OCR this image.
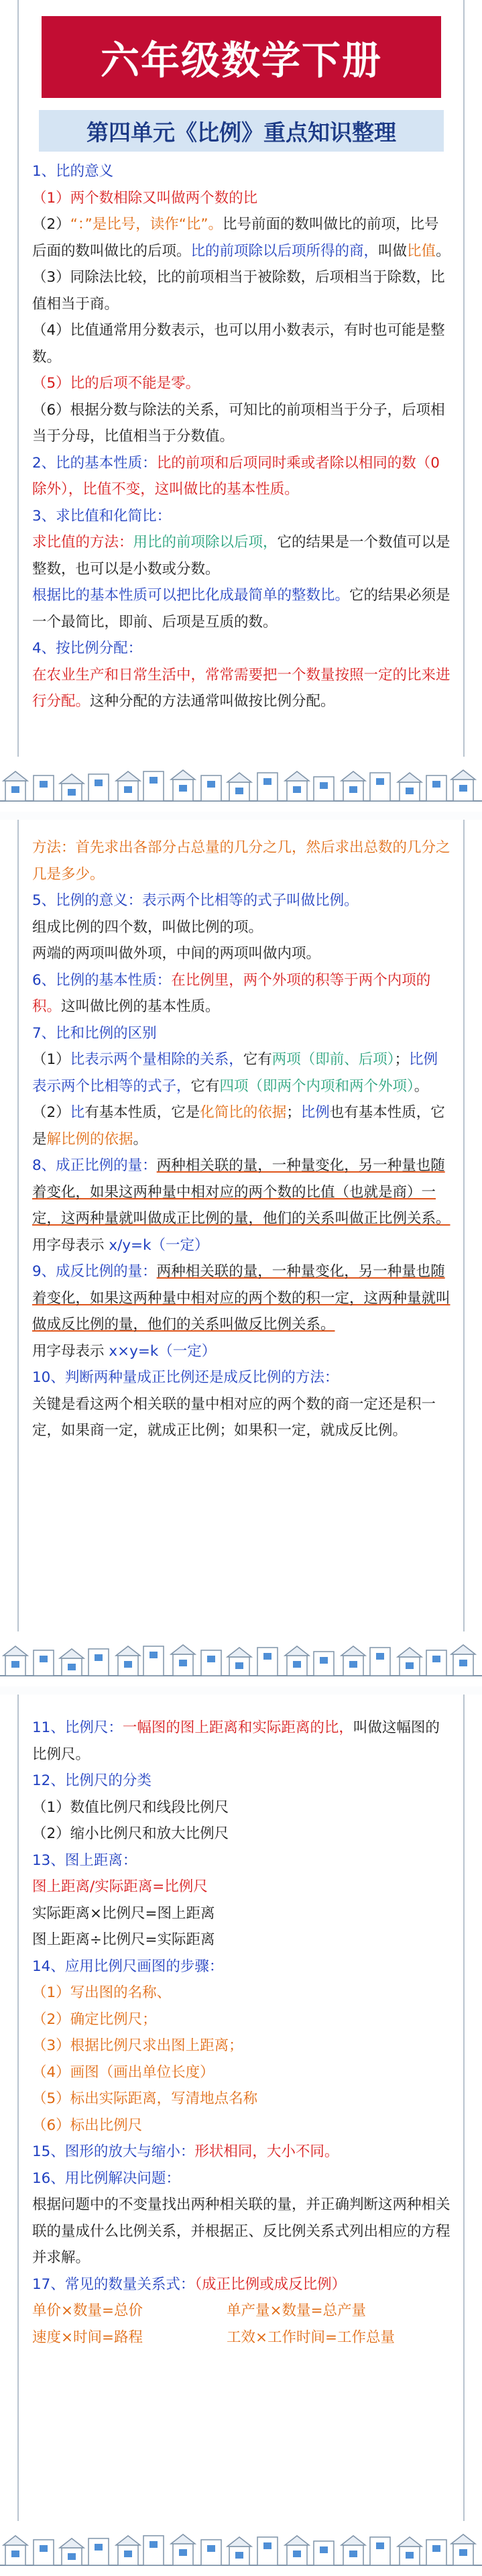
六年级数学下册
第四单元《比例》重点知识整理

1、比的意义

（1）两个数相除又叫做两个数的比

（2）“：”是比号，读作“比”。比号前面的数叫做比的前项，比号后面的数叫做比的后项。比的前项除以后项所得的商，叫做比值。

（3）同除法比较，比的前项相当于被除数，后项相当于除数，比值相当于商。

（4）比值通常用分数表示，也可以用小数表示，有时也可能是整数。

（5）比的后项不能是零。

（6）根据分数与除法的关系，可知比的前项相当于分子，后项相当于分母，比值相当于分数值。

2、比的基本性质：比的前项和后项同时乘或者除以相同的数（0除外），比值不变，这叫做比的基本性质。

3、求比值和化简比：

求比值的方法：用比的前项除以后项，它的结果是一个数值可以是整数，也可以是小数或分数。

根据比的基本性质可以把比化成最简单的整数比。它的结果必须是一个最简比，即前、后项是互质的数。

4、按比例分配：

在农业生产和日常生活中，常常需要把一个数量按照一定的比来进行分配。这种分配的方法通常叫做按比例分配。

方法：首先求出各部分占总量的几分之几，然后求出总数的几分之几是多少。

5、比例的意义：表示两个比相等的式子叫做比例。

组成比例的四个数，叫做比例的项。

两端的两项叫做外项，中间的两项叫做内项。

6、比例的基本性质：在比例里，两个外项的积等于两个内项的积。这叫做比例的基本性质。

7、比和比例的区别

（1）比表示两个量相除的关系，它有两项（即前、后项）；比例表示两个比相等的式子，它有四项（即两个内项和两个外项）。

（2）比有基本性质，它是化简比的依据；比例也有基本性质，它是解比例的依据。

8、成正比例的量：两种相关联的量，一种量变化，另一种量也随着变化，如果这两种量中相对应的两个数的比值（也就是商）一定，这两种量就叫做成正比例的量，他们的关系叫做正比例关系。

用字母表示 x/y=k（一定）

9、成反比例的量：两种相关联的量，一种量变化，另一种量也随着变化，如果这两种量中相对应的两个数的积一定，这两种量就叫做成反比例的量，他们的关系叫做反比例关系。

用字母表示 x×y=k（一定）

10、判断两种量成正比例还是成反比例的方法：

关键是看这两个相关联的量中相对应的两个数的商一定还是积一定，如果商一定，就成正比例；如果积一定，就成反比例。

11、比例尺：一幅图的图上距离和实际距离的比，叫做这幅图的比例尺。

12、比例尺的分类

（1）数值比例尺和线段比例尺

（2）缩小比例尺和放大比例尺

13、图上距离：

图上距离/实际距离=比例尺

实际距离×比例尺=图上距离

图上距离÷比例尺=实际距离

14、应用比例尺画图的步骤：

（1）写出图的名称、

（2）确定比例尺；

（3）根据比例尺求出图上距离；

（4）画图（画出单位长度）

（5）标出实际距离，写清地点名称

（6）标出比例尺

15、图形的放大与缩小：形状相同，大小不同。

16、用比例解决问题：

根据问题中的不变量找出两种相关联的量，并正确判断这两种相关联的量成什么比例关系，并根据正、反比例关系式列出相应的方程并求解。

17、常见的数量关系式：（成正比例或成反比例）

单价×数量=总价	单产量×数量=总产量

速度×时间=路程	工效×工作时间=工作总量
